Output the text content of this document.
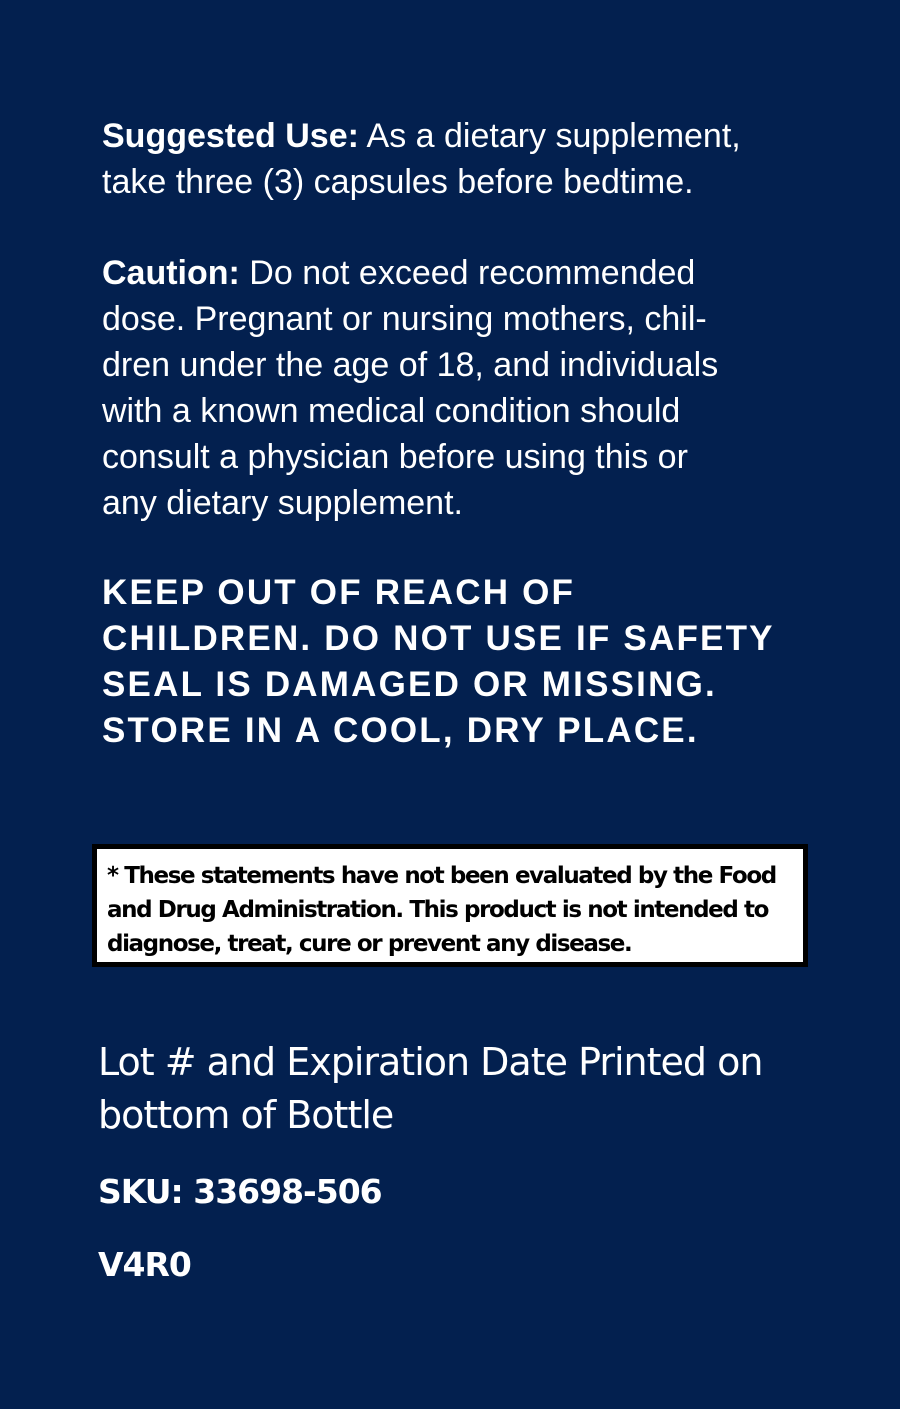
Suggested Use: As a dietary supplement,
take three (3) capsules before bedtime.
Caution: Do not exceed recommended
dose. Pregnant or nursing mothers, chil-
dren under the age of 18, and individuals
with a known medical condition should
consult a physician before using this or
any dietary supplement.
KEEP OUT OF REACH OF
CHILDREN. DO NOT USE IF SAFETY
SEAL IS DAMAGED OR MISSING.
STORE IN A COOL, DRY PLACE.
* These statements have not been evaluated by the Food
and Drug Administration. This product is not intended to
diagnose, treat, cure or prevent any disease.
Lot # and Expiration Date Printed on
bottom of Bottle
SKU: 33698-506
V4R0
